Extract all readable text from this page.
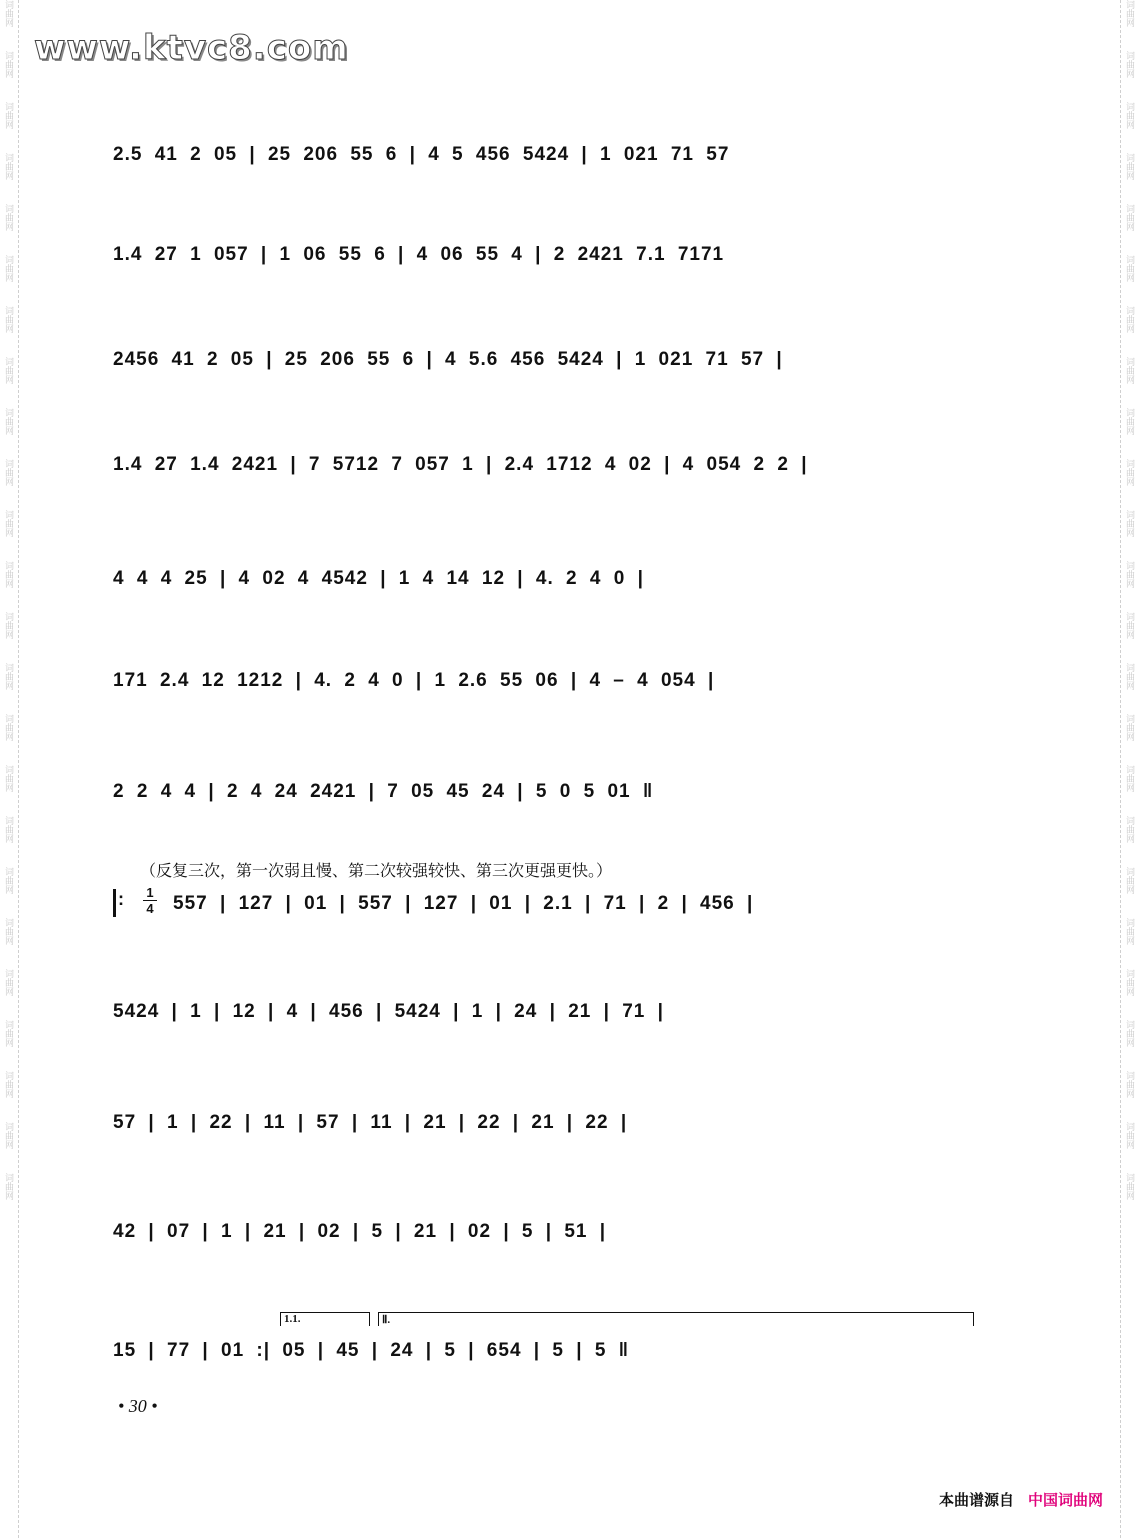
词曲网
词曲网
词曲网
词曲网
词曲网
词曲网
词曲网
词曲网
词曲网
词曲网
词曲网
词曲网
词曲网
词曲网
词曲网
词曲网
词曲网
词曲网
词曲网
词曲网
词曲网
词曲网
词曲网
词曲网
词曲网
词曲网
词曲网
词曲网
词曲网
词曲网
词曲网
词曲网
词曲网
词曲网
词曲网
词曲网
词曲网
词曲网
词曲网
词曲网
词曲网
词曲网
词曲网
词曲网
词曲网
词曲网
词曲网
词曲网
www.ktvc8.com
2.5 41 2 05 | 25 206 55 6 | 4 5 456 5424 | 1 021 71 57
1.4 27 1 057 | 1 06 55 6 | 4 06 55 4 | 2 2421 7.1 7171
2456 41 2 05 | 25 206 55 6 | 4 5.6 456 5424 | 1 021 71 57 |
1.4 27 1.4 2421 | 7 5712 7 057 1 | 2.4 1712 4 02 | 4 054 2 2 |
4 4 4 25 | 4 02 4 4542 | 1 4 14 12 | 4. 2 4 0 |
171 2.4 12 1212 | 4. 2 4 0 | 1 2.6 55 06 | 4 – 4 054 |
2 2 4 4 | 2 4 24 2421 | 7 05 45 24 | 5 0 5 01 ‖
（反复三次，第一次弱且慢、第二次较强较快、第三次更强更快。）
:
1
4 557 | 127 | 01 | 557 | 127 | 01 | 2.1 | 71 | 2 | 456 |
5424 | 1 | 12 | 4 | 456 | 5424 | 1 | 24 | 21 | 71 |
57 | 1 | 22 | 11 | 57 | 11 | 21 | 22 | 21 | 22 |
42 | 07 | 1 | 21 | 02 | 5 | 21 | 02 | 5 | 51 |
1.1.	Ⅱ.
15 | 77 | 01 :| 05 | 45 | 24 | 5 | 654 | 5 | 5 ‖
• 30 •
本曲谱源自 中国词曲网
